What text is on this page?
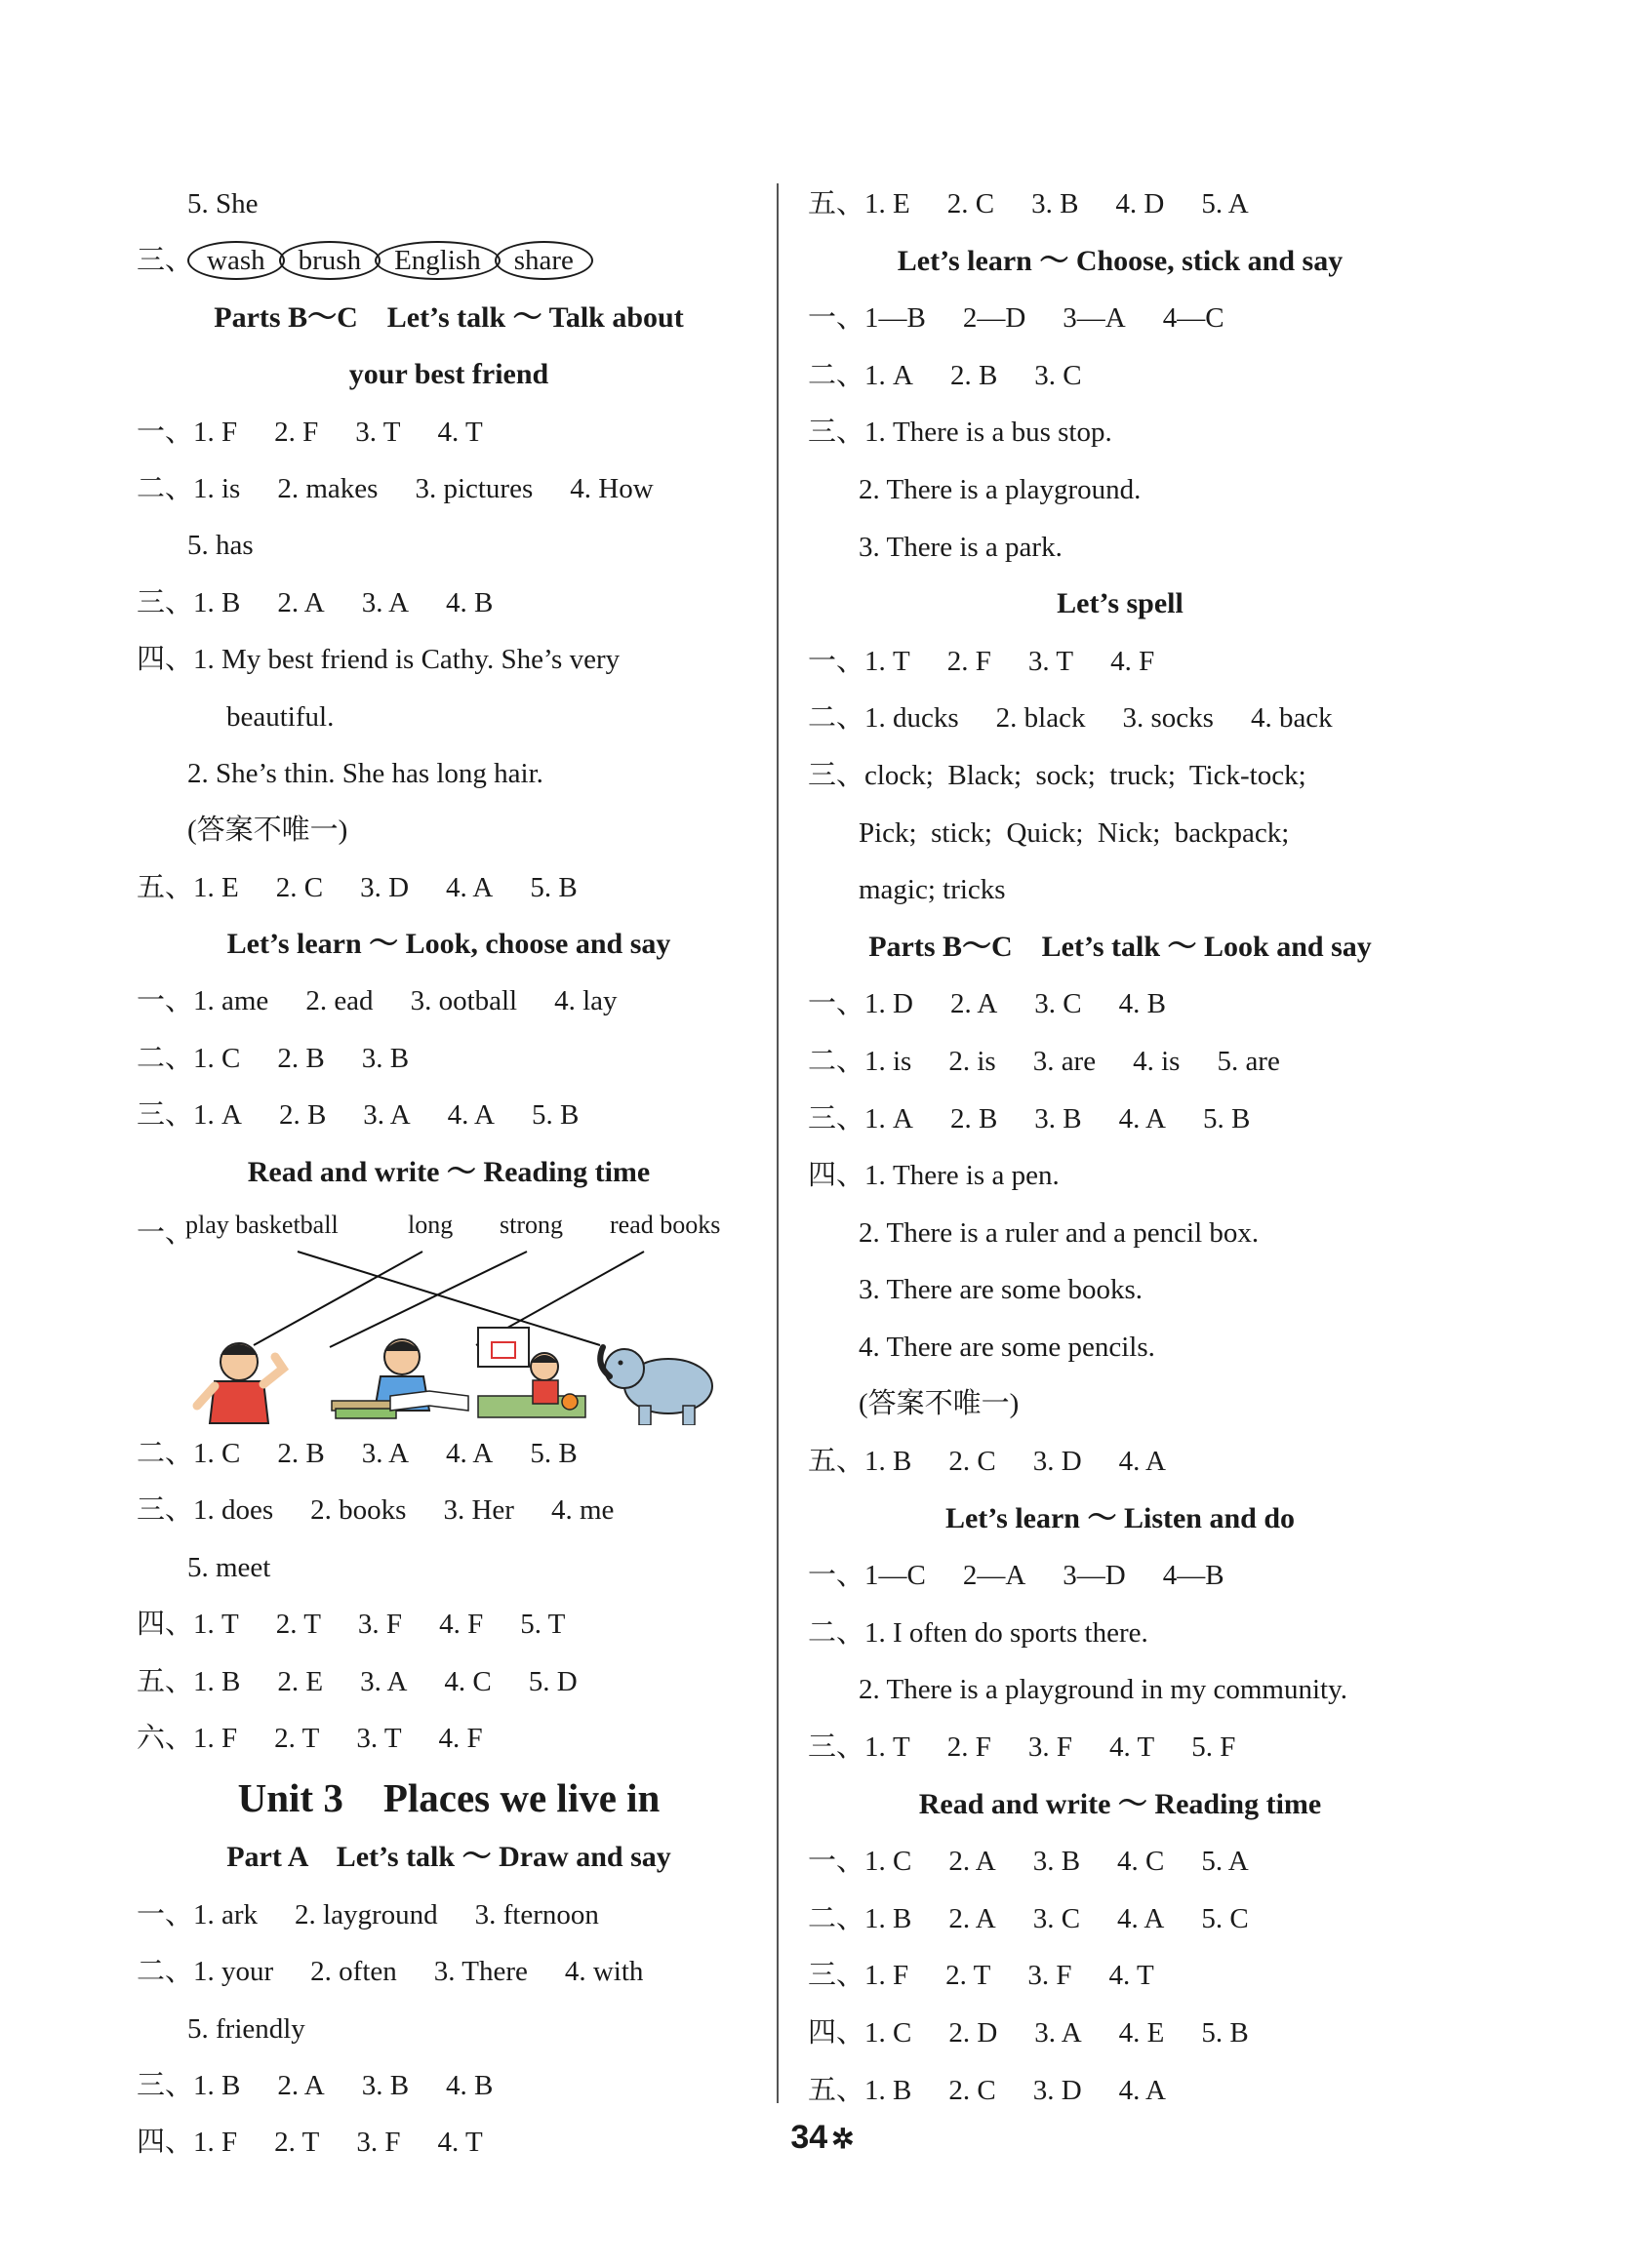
5. She
三、 wash brush English share
Parts B～C　Let’s talk ～ Talk about
your best friend
一、1. F 2. F 3. T 4. T
二、1. is 2. makes 3. pictures 4. How
5. has
三、1. B 2. A 3. A 4. B
四、1. My best friend is Cathy. She’s very
beautiful.
2. She’s thin. She has long hair.
(答案不唯一)
五、1. E 2. C 3. D 4. A 5. B
Let’s learn ～ Look, choose and say
一、1. ame 2. ead 3. ootball 4. lay
二、1. C 2. B 3. B
三、1. A 2. B 3. A 4. A 5. B
Read and write ～ Reading time
一、
play basketball	long strong read books
二、1. C 2. B 3. A 4. A 5. B
三、1. does 2. books 3. Her 4. me
5. meet
四、1. T 2. T 3. F 4. F 5. T
五、1. B 2. E 3. A 4. C 5. D
六、1. F 2. T 3. T 4. F
Unit 3　Places we live in
Part A　Let’s talk ～ Draw and say
一、1. ark 2. layground 3. fternoon
二、1. your 2. often 3. There 4. with
5. friendly
三、1. B 2. A 3. B 4. B
四、1. F 2. T 3. F 4. T
五、1. E 2. C 3. B 4. D 5. A
Let’s learn ～ Choose, stick and say
一、1—B 2—D 3—A 4—C
二、1. A 2. B 3. C
三、1. There is a bus stop.
2. There is a playground.
3. There is a park.
Let’s spell
一、1. T 2. F 3. T 4. F
二、1. ducks 2. black 3. socks 4. back
三、clock;  Black;  sock;  truck;  Tick-tock;
Pick;  stick;  Quick;  Nick;  backpack;
magic; tricks
Parts B～C　Let’s talk ～ Look and say
一、1. D 2. A 3. C 4. B
二、1. is 2. is 3. are 4. is 5. are
三、1. A 2. B 3. B 4. A 5. B
四、1. There is a pen.
2. There is a ruler and a pencil box.
3. There are some books.
4. There are some pencils.
(答案不唯一)
五、1. B 2. C 3. D 4. A
Let’s learn ～ Listen and do
一、1—C 2—A 3—D 4—B
二、1. I often do sports there.
2. There is a playground in my community.
三、1. T 2. F 3. F 4. T 5. F
Read and write ～ Reading time
一、1. C 2. A 3. B 4. C 5. A
二、1. B 2. A 3. C 4. A 5. C
三、1. F 2. T 3. F 4. T
四、1. C 2. D 3. A 4. E 5. B
五、1. B 2. C 3. D 4. A
34 ✲
